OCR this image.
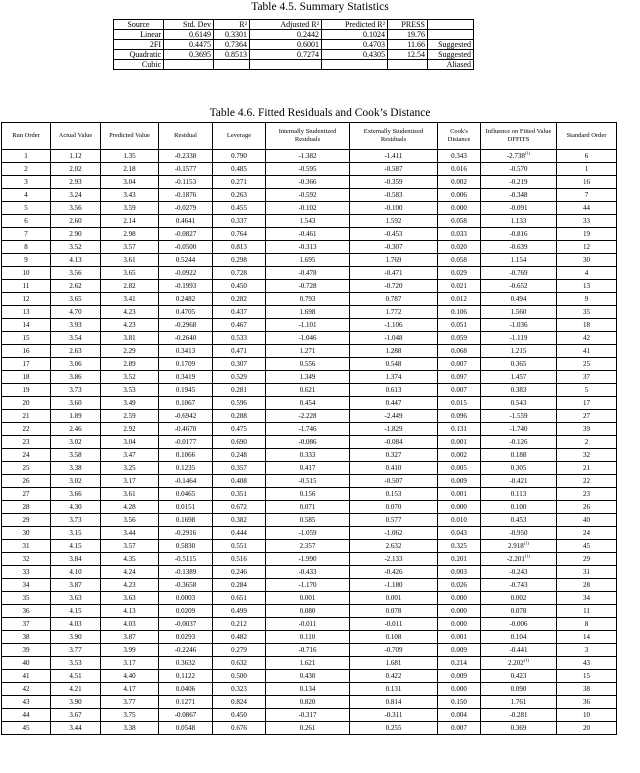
Table 4.5. Summary Statistics
Source	Std. Dev	R²	Adjusted R²	Predicted R²	PRESS	
Linear	0.6149	0.3301	0.2442	0.1024	19.76	
2FI	0.4475	0.7364	0.6001	0.4703	11.66	Suggested
Quadratic	0.3695	0.8513	0.7274	0.4305	12.54	Suggested
Cubic						Aliased
Table 4.6. Fitted Residuals and Cook’s Distance
Run Order	Actual Value	Predicted Value	Residual	Leverage	Internally Studentized Residuals	Externally Studentized Residuals	Cook's Distance	Influence on Fitted Value DFFITS	Standard Order
1	1.12	1.35	-0.2338	0.790	-1.382	-1.411	0.343	-2.738$^{(1)}$	6
2	2.02	2.18	-0.1577	0.485	-0.595	-0.587	0.016	-0.570	1
3	2.93	3.04	-0.1153	0.271	-0.366	-0.359	0.002	-0.219	16
4	3.24	3.43	-0.1876	0.263	-0.592	-0.583	0.006	-0.348	7
5	3.56	3.59	-0.0279	0.455	-0.102	-0.100	0.000	-0.091	44
6	2.60	2.14	0.4641	0.337	1.543	1.592	0.058	1.133	33
7	2.90	2.98	-0.0827	0.764	-0.461	-0.453	0.033	-0.816	19
8	3.52	3.57	-0.0500	0.813	-0.313	-0.307	0.020	-0.639	12
9	4.13	3.61	0.5244	0.298	1.695	1.769	0.058	1.154	30
10	3.56	3.65	-0.0922	0.728	-0.478	-0.471	0.029	-0.769	4
11	2.62	2.82	-0.1993	0.450	-0.728	-0.720	0.021	-0.652	13
12	3.65	3.41	0.2482	0.282	0.793	0.787	0.012	0.494	9
13	4.70	4.23	0.4705	0.437	1.698	1.772	0.106	1.560	35
14	3.93	4.23	-0.2968	0.467	-1.101	-1.106	0.051	-1.036	18
15	3.54	3.81	-0.2640	0.533	-1.046	-1.048	0.059	-1.119	42
16	2.63	2.29	0.3413	0.471	1.271	1.288	0.068	1.215	41
17	3.06	2.89	0.1709	0.307	0.556	0.548	0.007	0.365	25
18	3.86	3.52	0.3419	0.529	1.349	1.374	0.097	1.457	37
19	3.73	3.53	0.1945	0.281	0.621	0.613	0.007	0.383	5
20	3.60	3.49	0.1067	0.596	0.454	0.447	0.015	0.543	17
21	1.89	2.59	-0.6942	0.288	-2.228	-2.449	0.096	-1.559	27
22	2.46	2.92	-0.4670	0.475	-1.746	-1.829	0.131	-1.740	39
23	3.02	3.04	-0.0177	0.690	-0.086	-0.084	0.001	-0.126	2
24	3.58	3.47	0.1066	0.248	0.333	0.327	0.002	0.188	32
25	3.38	3.25	0.1235	0.357	0.417	0.410	0.005	0.305	21
26	3.02	3.17	-0.1464	0.408	-0.515	-0.507	0.009	-0.421	22
27	3.66	3.61	0.0465	0.351	0.156	0.153	0.001	0.113	23
28	4.30	4.28	0.0151	0.672	0.071	0.070	0.000	0.100	26
29	3.73	3.56	0.1698	0.382	0.585	0.577	0.010	0.453	40
30	3.15	3.44	-0.2916	0.444	-1.059	-1.062	0.043	-0.950	24
31	4.15	3.57	0.5830	0.551	2.357	2.632	0.325	2.918$^{(1)}$	45
32	3.84	4.35	-0.5115	0.516	-1.990	-2.133	0.201	-2.201$^{(1)}$	29
33	4.10	4.24	-0.1389	0.246	-0.433	-0.426	0.003	-0.243	31
34	3.87	4.23	-0.3658	0.284	-1.170	-1.180	0.026	-0.743	28
35	3.63	3.63	0.0003	0.651	0.001	0.001	0.000	0.002	34
36	4.15	4.13	0.0209	0.499	0.080	0.078	0.000	0.078	11
37	4.03	4.03	-0.0037	0.212	-0.011	-0.011	0.000	-0.006	8
38	3.90	3.87	0.0293	0.482	0.110	0.108	0.001	0.104	14
39	3.77	3.99	-0.2246	0.279	-0.716	-0.709	0.009	-0.441	3
40	3.53	3.17	0.3632	0.632	1.621	1.681	0.214	2.202$^{(1)}$	43
41	4.51	4.40	0.1122	0.500	0.430	0.422	0.009	0.423	15
42	4.21	4.17	0.0406	0.323	0.134	0.131	0.000	0.090	38
43	3.90	3.77	0.1271	0.824	0.820	0.814	0.150	1.761	36
44	3.67	3.75	-0.0867	0.450	-0.317	-0.311	0.004	-0.281	10
45	3.44	3.38	0.0548	0.676	0.261	0.255	0.007	0.369	20
